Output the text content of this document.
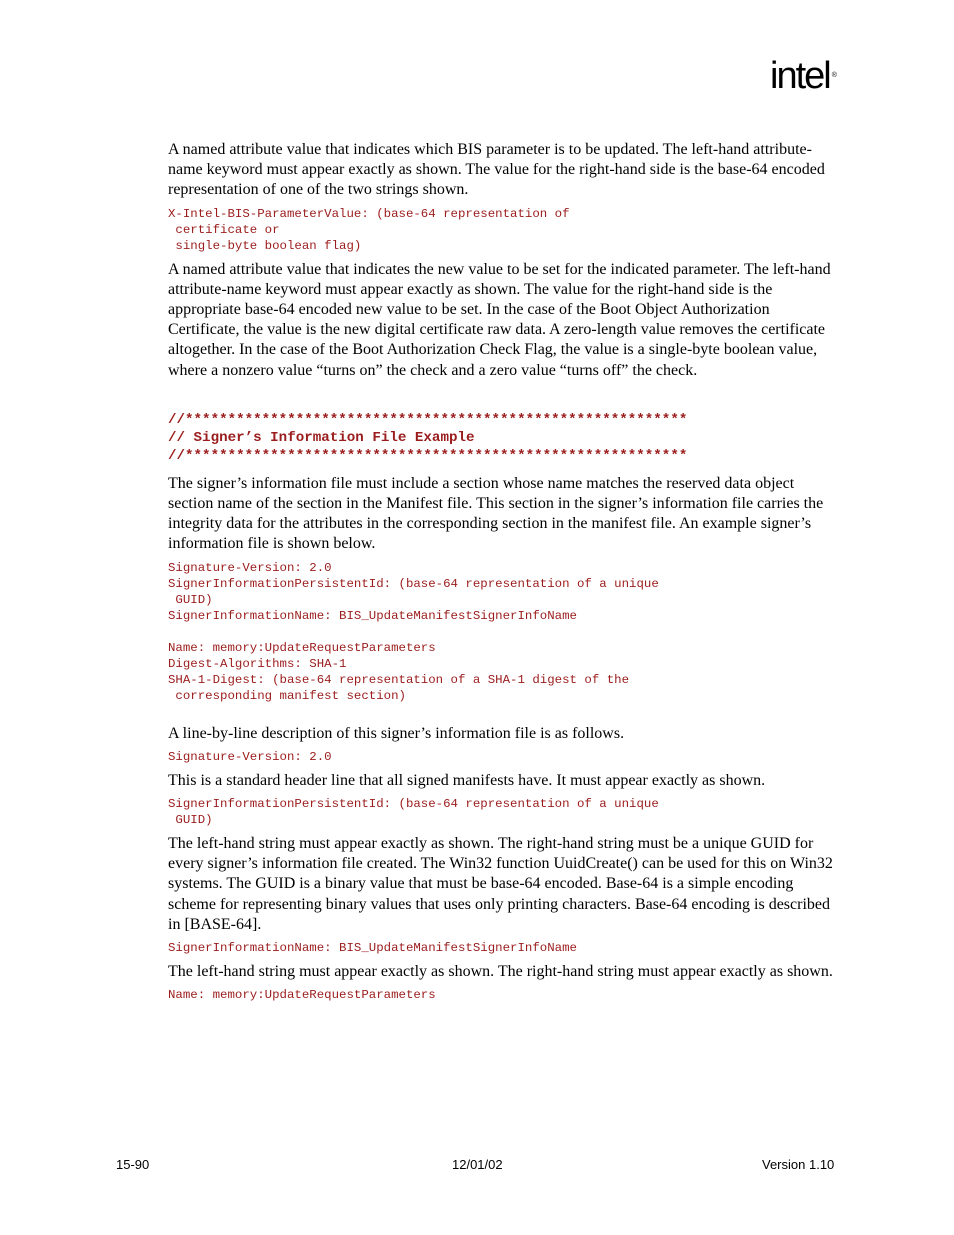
intel ®

A named attribute value that indicates which BIS parameter is to be updated. The left-hand attribute-name keyword must appear exactly as shown. The value for the right-hand side is the base-64 encoded representation of one of the two strings shown.

X-Intel-BIS-ParameterValue: (base-64 representation of
certificate or
single-byte boolean flag)

A named attribute value that indicates the new value to be set for the indicated parameter. The left-hand attribute-name keyword must appear exactly as shown. The value for the right-hand side is the appropriate base-64 encoded new value to be set. In the case of the Boot Object Authorization Certificate, the value is the new digital certificate raw data. A zero-length value removes the certificate altogether. In the case of the Boot Authorization Check Flag, the value is a single-byte boolean value, where a nonzero value “turns on” the check and a zero value “turns off” the check.

//***********************************************************
// Signer’s Information File Example
//***********************************************************

The signer’s information file must include a section whose name matches the reserved data object section name of the section in the Manifest file. This section in the signer’s information file carries the integrity data for the attributes in the corresponding section in the manifest file. An example signer’s information file is shown below.

Signature-Version: 2.0
SignerInformationPersistentId: (base-64 representation of a unique
GUID)
SignerInformationName: BIS_UpdateManifestSignerInfoName

Name: memory:UpdateRequestParameters
Digest-Algorithms: SHA-1
SHA-1-Digest: (base-64 representation of a SHA-1 digest of the
corresponding manifest section)

A line-by-line description of this signer’s information file is as follows.

Signature-Version: 2.0

This is a standard header line that all signed manifests have. It must appear exactly as shown.

SignerInformationPersistentId: (base-64 representation of a unique
GUID)

The left-hand string must appear exactly as shown. The right-hand string must be a unique GUID for every signer’s information file created. The Win32 function UuidCreate() can be used for this on Win32 systems. The GUID is a binary value that must be base-64 encoded. Base-64 is a simple encoding scheme for representing binary values that uses only printing characters. Base-64 encoding is described in [BASE-64].

SignerInformationName: BIS_UpdateManifestSignerInfoName

The left-hand string must appear exactly as shown. The right-hand string must appear exactly as shown.

Name: memory:UpdateRequestParameters
15-90	12/01/02	Version 1.10
